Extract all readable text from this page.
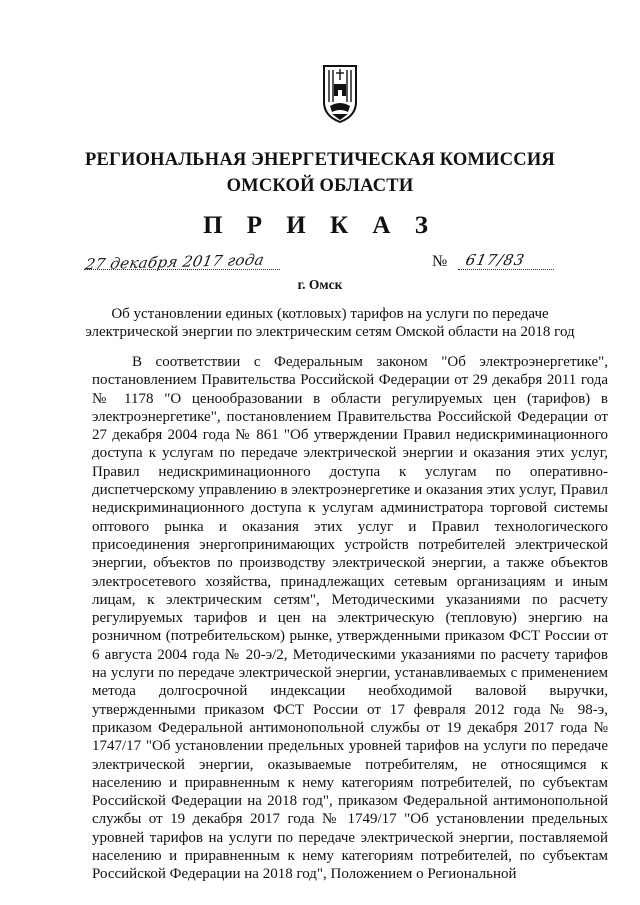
РЕГИОНАЛЬНАЯ ЭНЕРГЕТИЧЕСКАЯ КОМИССИЯ
ОМСКОЙ ОБЛАСТИ
П Р И К А З
27 декабря 2017 года	№ 617/83
г. Омск
Об установлении единых (котловых) тарифов на услуги по передаче
электрической энергии по электрическим сетям Омской области на 2018 год

В соответствии с Федеральным законом "Об электроэнергетике", постановлением Правительства Российской Федерации от 29 декабря 2011 года № 1178 "О ценообразовании в области регулируемых цен (тарифов) в электроэнергетике", постановлением Правительства Российской Федерации от 27 декабря 2004 года № 861 "Об утверждении Правил недискриминационного доступа к услугам по передаче электрической энергии и оказания этих услуг, Правил недискриминационного доступа к услугам по оперативно-диспетчерскому управлению в электроэнергетике и оказания этих услуг, Правил недискриминационного доступа к услугам администратора торговой системы оптового рынка и оказания этих услуг и Правил технологического присоединения энергопринимающих устройств потребителей электрической энергии, объектов по производству электрической энергии, а также объектов электросетевого хозяйства, принадлежащих сетевым организациям и иным лицам, к электрическим сетям", Методическими указаниями по расчету регулируемых тарифов и цен на электрическую (тепловую) энергию на розничном (потребительском) рынке, утвержденными приказом ФСТ России от 6 августа 2004 года № 20-э/2, Методическими указаниями по расчету тарифов на услуги по передаче электрической энергии, устанавливаемых с применением метода долгосрочной индексации необходимой валовой выручки, утвержденными приказом ФСТ России от 17 февраля 2012 года № 98-э, приказом Федеральной антимонопольной службы от 19 декабря 2017 года № 1747/17 "Об установлении предельных уровней тарифов на услуги по передаче электрической энергии, оказываемые потребителям, не относящимся к населению и приравненным к нему категориям потребителей, по субъектам Российской Федерации на 2018 год", приказом Федеральной антимонопольной службы от 19 декабря 2017 года № 1749/17 "Об установлении предельных уровней тарифов на услуги по передаче электрической энергии, поставляемой населению и приравненным к нему категориям потребителей, по субъектам Российской Федерации на 2018 год", Положением о Региональной
